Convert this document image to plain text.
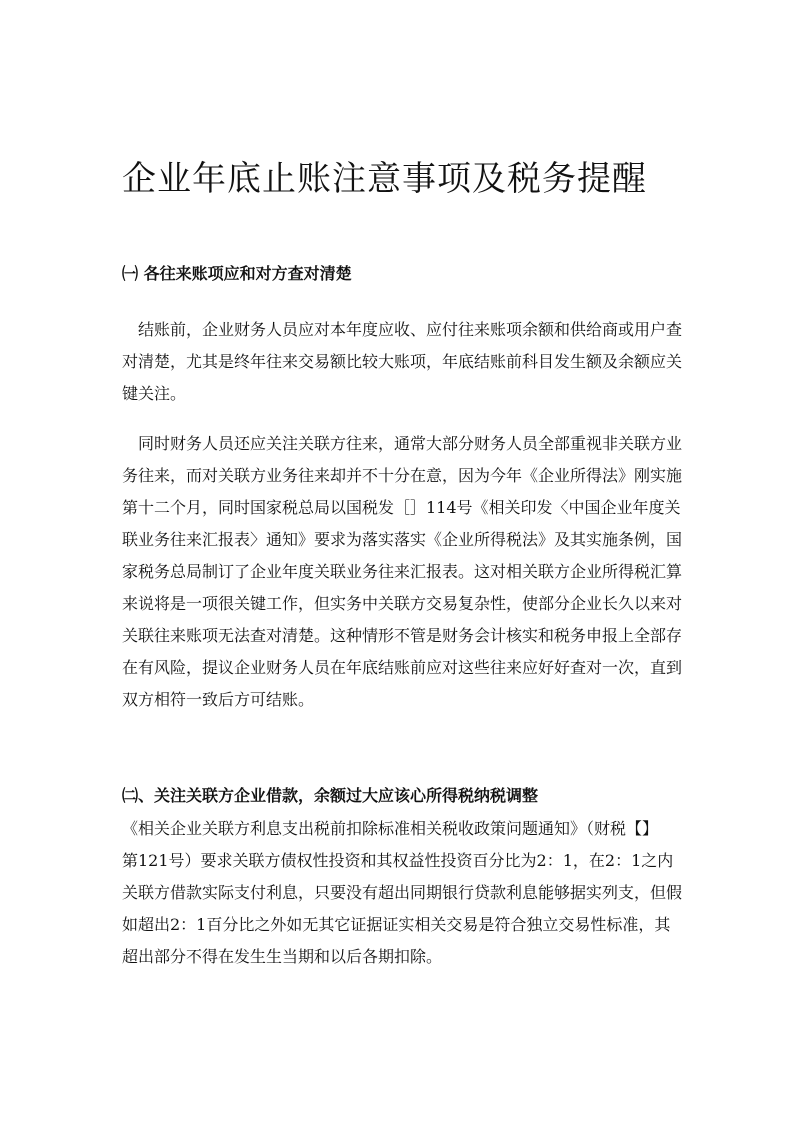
企业年底止账注意事项及税务提醒
㈠ 各往来账项应和对方查对清楚

　结账前，企业财务人员应对本年度应收、应付往来账项余额和供给商或用户查
对清楚，尤其是终年往来交易额比较大账项，年底结账前科目发生额及余额应关
键关注。

　同时财务人员还应关注关联方往来，通常大部分财务人员全部重视非关联方业
务往来，而对关联方业务往来却并不十分在意，因为今年《企业所得法》刚实施
第十二个月，同时国家税总局以国税发［］114号《相关印发〈中国企业年度关
联业务往来汇报表〉通知》要求为落实落实《企业所得税法》及其实施条例，国
家税务总局制订了企业年度关联业务往来汇报表。这对相关联方企业所得税汇算
来说将是一项很关键工作，但实务中关联方交易复杂性，使部分企业长久以来对
关联往来账项无法查对清楚。这种情形不管是财务会计核实和税务申报上全部存
在有风险，提议企业财务人员在年底结账前应对这些往来应好好查对一次，直到
双方相符一致后方可结账。

㈡、关注关联方企业借款，余额过大应该心所得税纳税调整

《相关企业关联方利息支出税前扣除标准相关税收政策问题通知》（财税【】
第121号）要求关联方债权性投资和其权益性投资百分比为2：1，在2：1之内
关联方借款实际支付利息，只要没有超出同期银行贷款利息能够据实列支，但假
如超出2：1百分比之外如无其它证据证实相关交易是符合独立交易性标准，其
超出部分不得在发生生当期和以后各期扣除。
